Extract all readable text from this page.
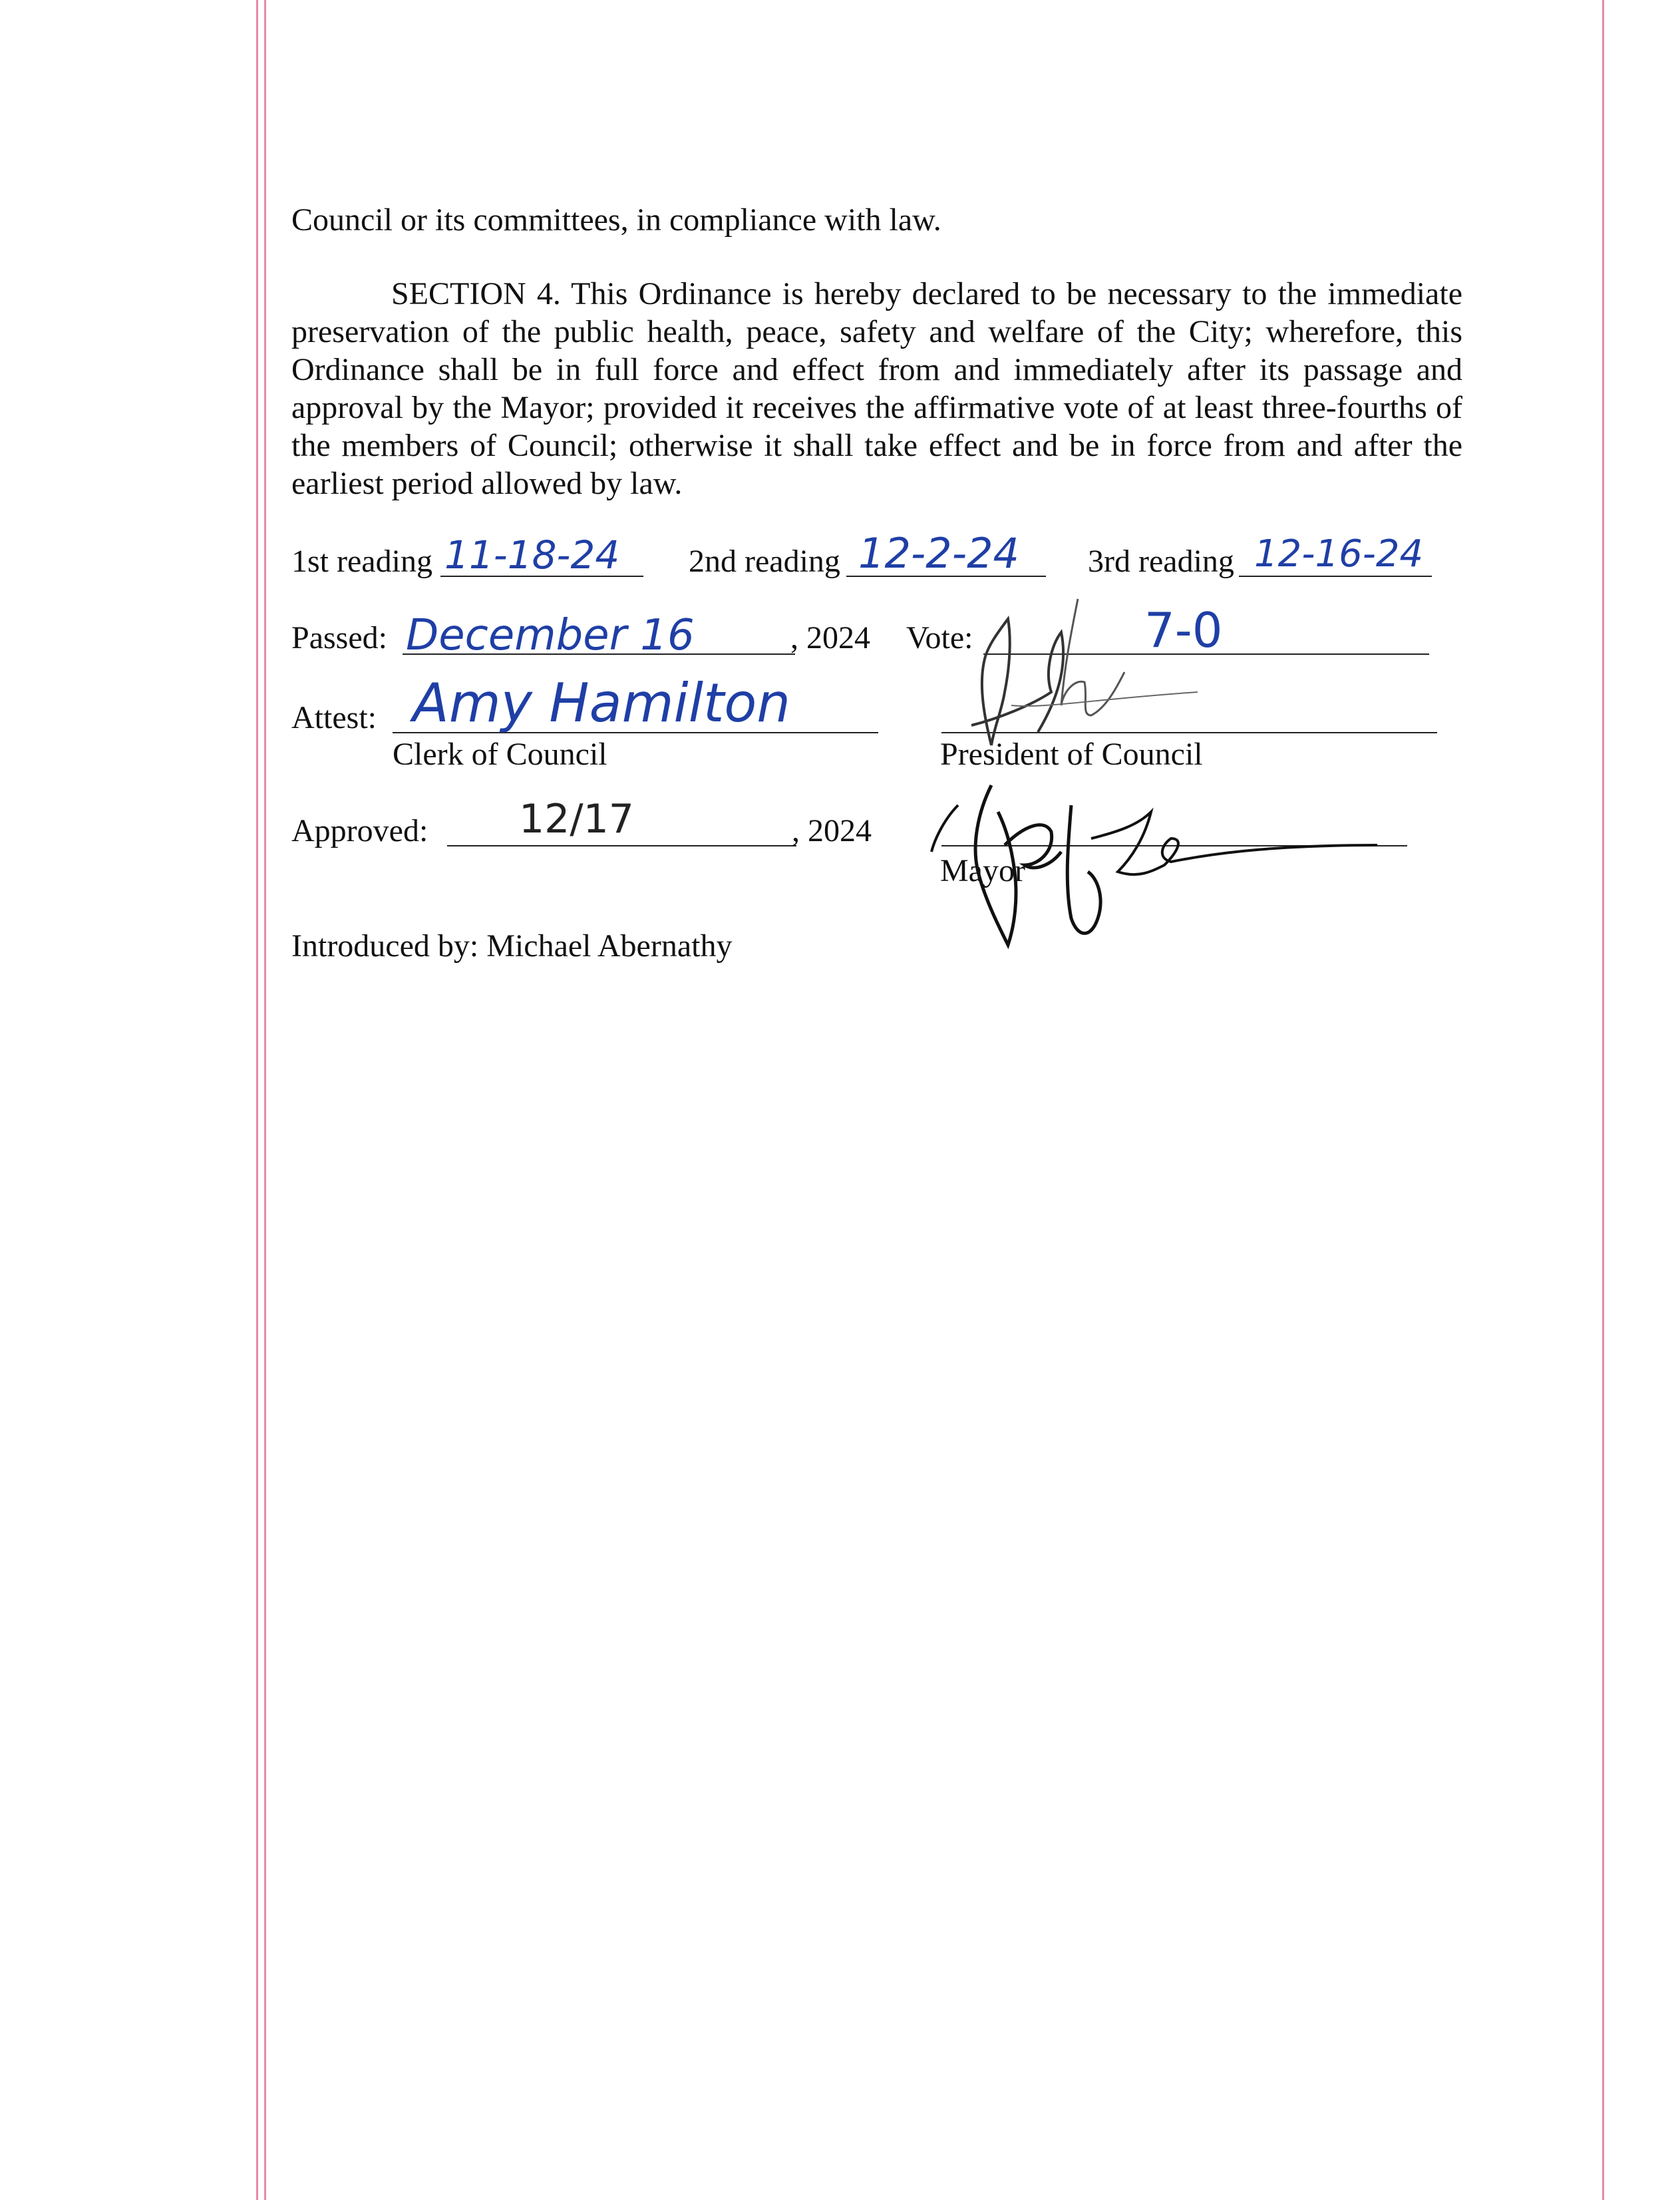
Council or its committees, in compliance with law.
SECTION 4. This Ordinance is hereby declared to be necessary to the immediate preservation of the public health, peace, safety and welfare of the City; wherefore, this Ordinance shall be in full force and effect from and immediately after its passage and approval by the Mayor; provided it receives the affirmative vote of at least three-fourths of the members of Council; otherwise it shall take effect and be in force from and after the earliest period allowed by law.
1st reading 11-18-24 2nd reading 12-2-24 3rd reading 12-16-24
Passed: December 16	, 2024 Vote:	7-0
Attest: Amy Hamilton
Clerk of Council	President of Council
Approved: 12/17	, 2024
Mayor
Introduced by: Michael Abernathy
